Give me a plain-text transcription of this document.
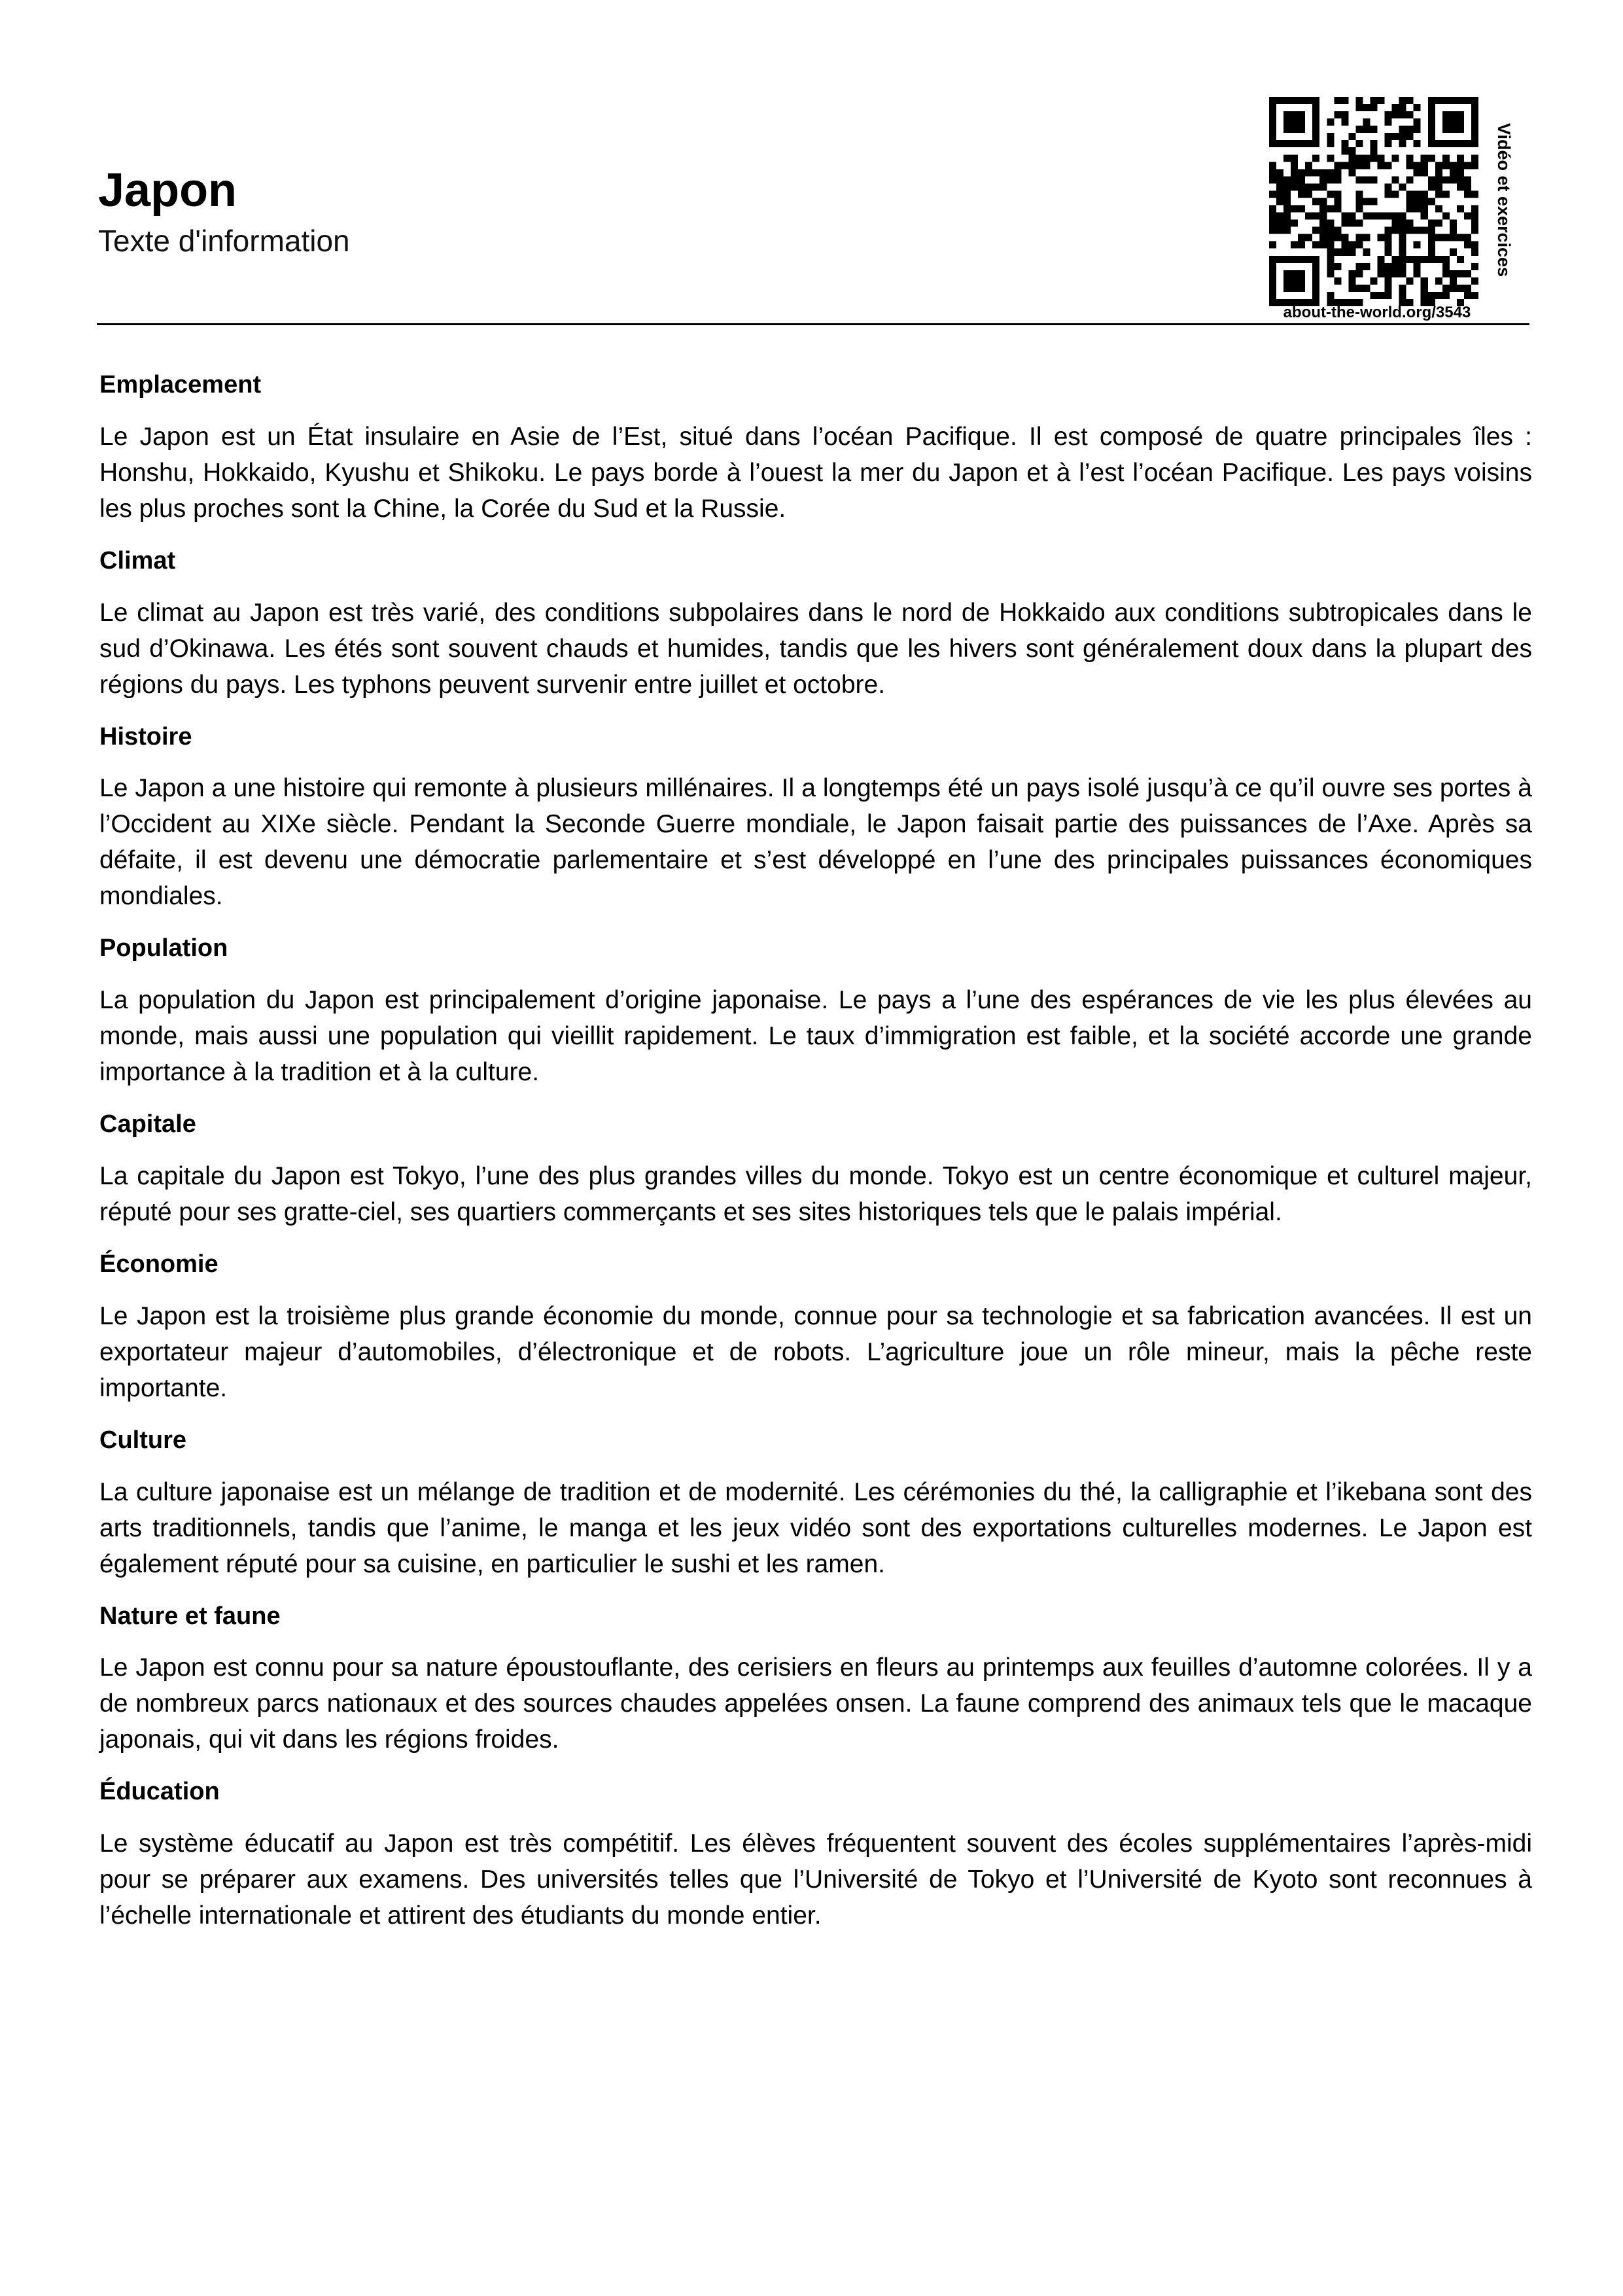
Japon
Texte d'information
about-the-world.org/3543
Vidéo et exercices
Emplacement

Le Japon est un État insulaire en Asie de l’Est, situé dans l’océan Pacifique. Il est composé de quatre principales îles : Honshu, Hokkaido, Kyushu et Shikoku. Le pays borde à l’ouest la mer du Japon et à l’est l’océan Pacifique. Les pays voisins les plus proches sont la Chine, la Corée du Sud et la Russie.

Climat

Le climat au Japon est très varié, des conditions subpolaires dans le nord de Hokkaido aux conditions subtropicales dans le sud d’Okinawa. Les étés sont souvent chauds et humides, tandis que les hivers sont généralement doux dans la plupart des régions du pays. Les typhons peuvent survenir entre juillet et octobre.

Histoire

Le Japon a une histoire qui remonte à plusieurs millénaires. Il a longtemps été un pays isolé jusqu’à ce qu’il ouvre ses portes à l’Occident au XIXe siècle. Pendant la Seconde Guerre mondiale, le Japon faisait partie des puissances de l’Axe. Après sa défaite, il est devenu une démocratie parlementaire et s’est développé en l’une des principales puissances économiques mondiales.

Population

La population du Japon est principalement d’origine japonaise. Le pays a l’une des espérances de vie les plus élevées au monde, mais aussi une population qui vieillit rapidement. Le taux d’immigration est faible, et la société accorde une grande importance à la tradition et à la culture.

Capitale

La capitale du Japon est Tokyo, l’une des plus grandes villes du monde. Tokyo est un centre économique et culturel majeur, réputé pour ses gratte-ciel, ses quartiers commerçants et ses sites historiques tels que le palais impérial.

Économie

Le Japon est la troisième plus grande économie du monde, connue pour sa technologie et sa fabrication avancées. Il est un exportateur majeur d’automobiles, d’électronique et de robots. L’agriculture joue un rôle mineur, mais la pêche reste importante.

Culture

La culture japonaise est un mélange de tradition et de modernité. Les cérémonies du thé, la calligraphie et l’ikebana sont des arts traditionnels, tandis que l’anime, le manga et les jeux vidéo sont des exportations culturelles modernes. Le Japon est également réputé pour sa cuisine, en particulier le sushi et les ramen.

Nature et faune

Le Japon est connu pour sa nature époustouflante, des cerisiers en fleurs au printemps aux feuilles d’automne colorées. Il y a de nombreux parcs nationaux et des sources chaudes appelées onsen. La faune comprend des animaux tels que le macaque japonais, qui vit dans les régions froides.

Éducation

Le système éducatif au Japon est très compétitif. Les élèves fréquentent souvent des écoles supplémentaires l’après-midi pour se préparer aux examens. Des universités telles que l’Université de Tokyo et l’Université de Kyoto sont reconnues à l’échelle internationale et attirent des étudiants du monde entier.
